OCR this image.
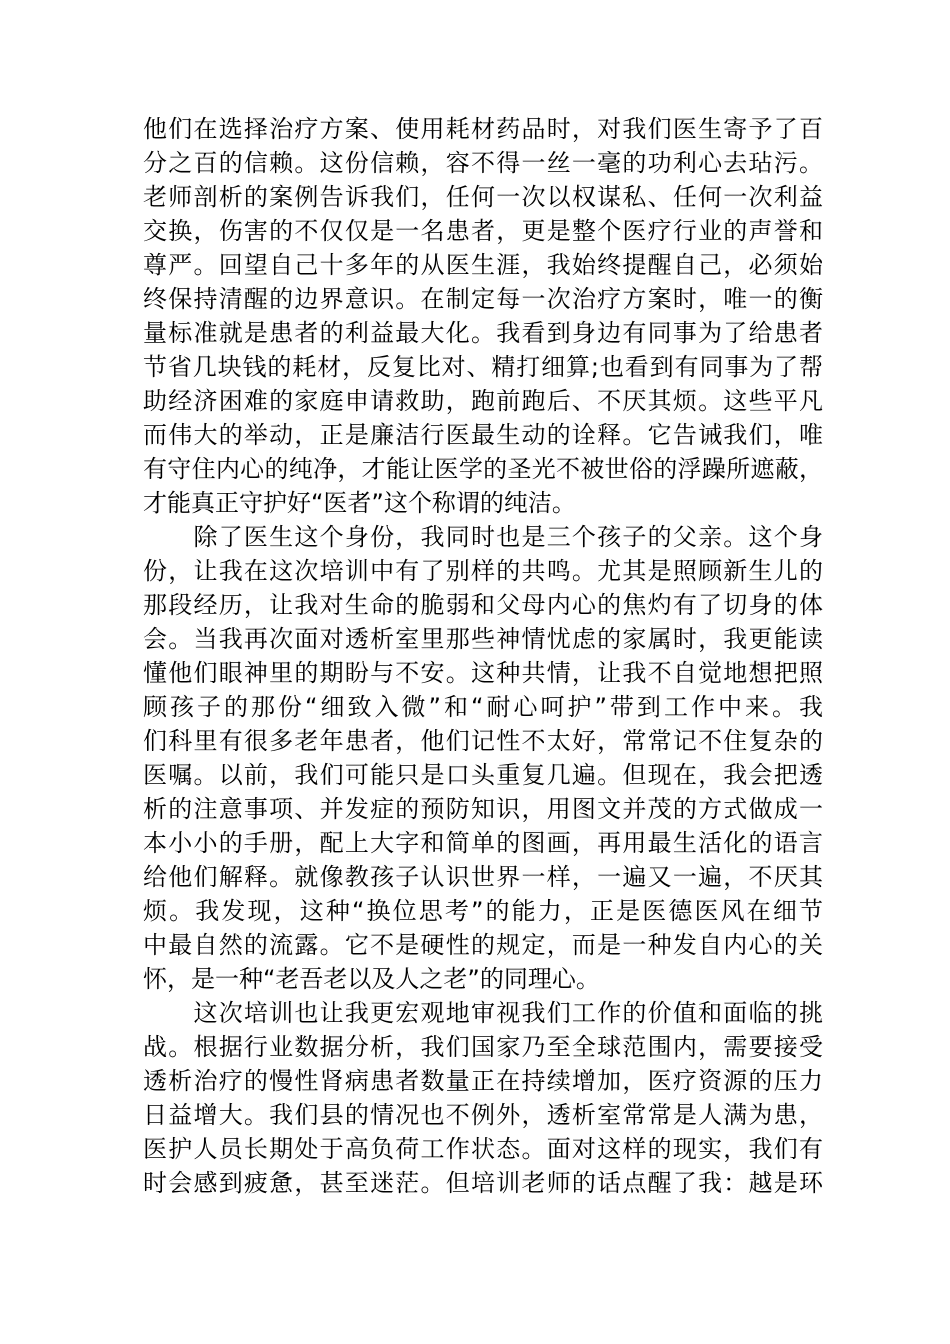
他们在选择治疗方案、使用耗材药品时，对我们医生寄予了百
分之百的信赖。这份信赖，容不得一丝一毫的功利心去玷污。
老师剖析的案例告诉我们，任何一次以权谋私、任何一次利益
交换，伤害的不仅仅是一名患者，更是整个医疗行业的声誉和
尊严。回望自己十多年的从医生涯，我始终提醒自己，必须始
终保持清醒的边界意识。在制定每一次治疗方案时，唯一的衡
量标准就是患者的利益最大化。我看到身边有同事为了给患者
节省几块钱的耗材，反复比对、精打细算;也看到有同事为了帮
助经济困难的家庭申请救助，跑前跑后、不厌其烦。这些平凡
而伟大的举动，正是廉洁行医最生动的诠释。它告诫我们，唯
有守住内心的纯净，才能让医学的圣光不被世俗的浮躁所遮蔽，
才能真正守护好“医者”这个称谓的纯洁。
　　除了医生这个身份，我同时也是三个孩子的父亲。这个身
份，让我在这次培训中有了别样的共鸣。尤其是照顾新生儿的
那段经历，让我对生命的脆弱和父母内心的焦灼有了切身的体
会。当我再次面对透析室里那些神情忧虑的家属时，我更能读
懂他们眼神里的期盼与不安。这种共情，让我不自觉地想把照
顾孩子的那份“细致入微”和“耐心呵护”带到工作中来。我
们科里有很多老年患者，他们记性不太好，常常记不住复杂的
医嘱。以前，我们可能只是口头重复几遍。但现在，我会把透
析的注意事项、并发症的预防知识，用图文并茂的方式做成一
本小小的手册，配上大字和简单的图画，再用最生活化的语言
给他们解释。就像教孩子认识世界一样，一遍又一遍，不厌其
烦。我发现，这种“换位思考”的能力，正是医德医风在细节
中最自然的流露。它不是硬性的规定，而是一种发自内心的关
怀，是一种“老吾老以及人之老”的同理心。
　　这次培训也让我更宏观地审视我们工作的价值和面临的挑
战。根据行业数据分析，我们国家乃至全球范围内，需要接受
透析治疗的慢性肾病患者数量正在持续增加，医疗资源的压力
日益增大。我们县的情况也不例外，透析室常常是人满为患，
医护人员长期处于高负荷工作状态。面对这样的现实，我们有
时会感到疲惫，甚至迷茫。但培训老师的话点醒了我：越是环
